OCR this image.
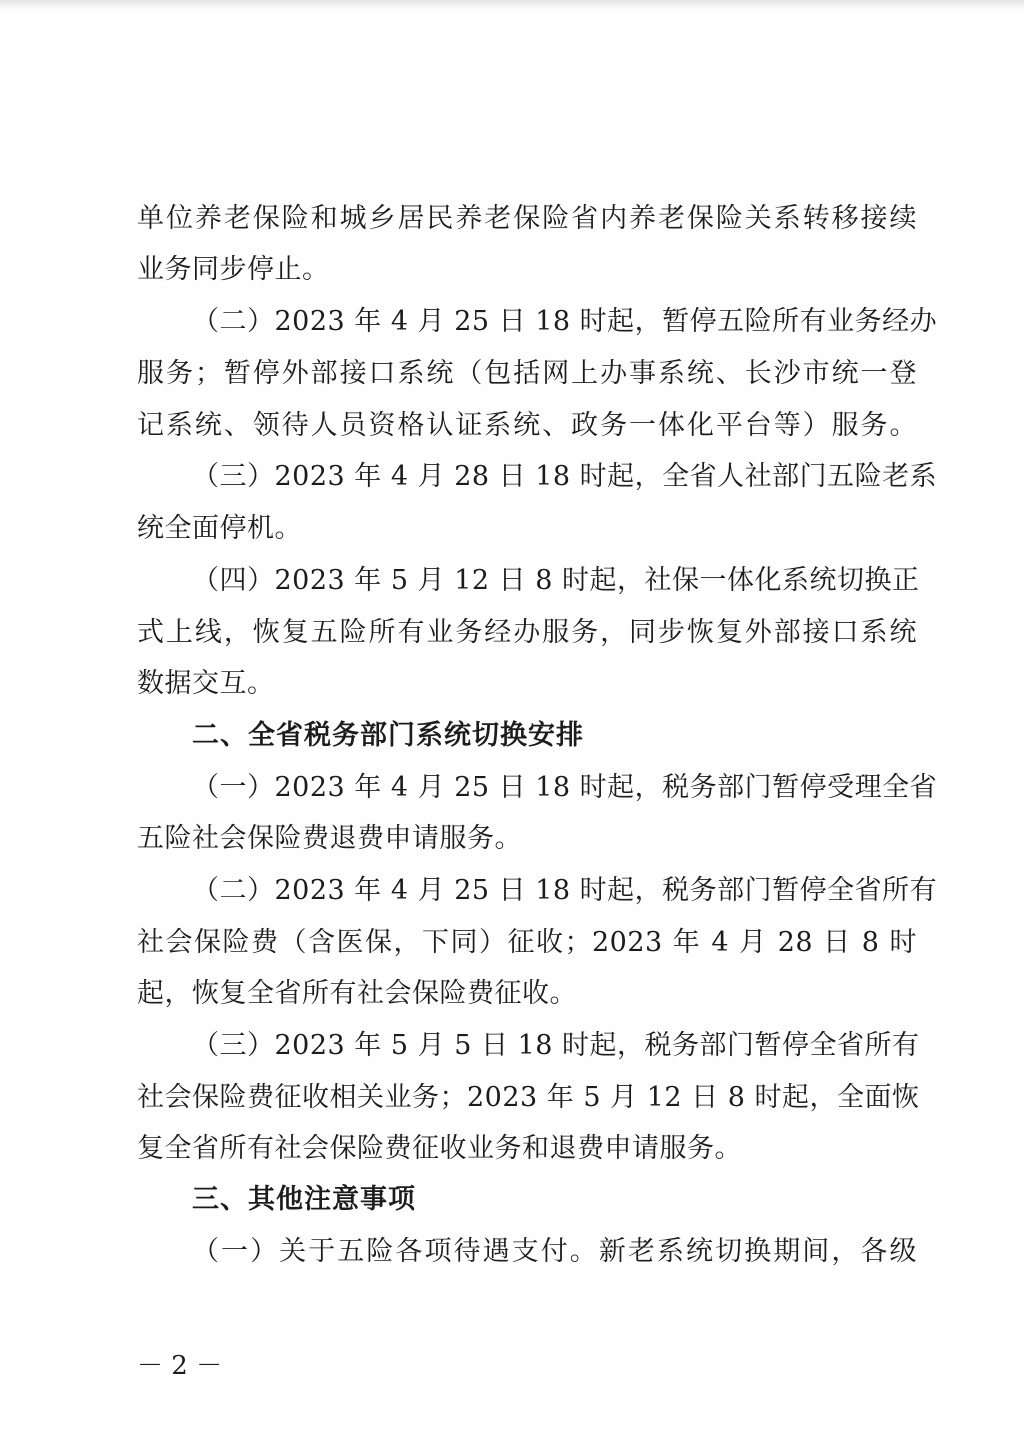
单位养老保险和城乡居民养老保险省内养老保险关系转移接续
业务同步停止。
（二）2023 年 4 月 25 日 18 时起，暂停五险所有业务经办
服务；暂停外部接口系统（包括网上办事系统、长沙市统一登
记系统、领待人员资格认证系统、政务一体化平台等）服务。
（三）2023 年 4 月 28 日 18 时起，全省人社部门五险老系
统全面停机。
（四）2023 年 5 月 12 日 8 时起，社保一体化系统切换正
式上线，恢复五险所有业务经办服务，同步恢复外部接口系统
数据交互。
二、全省税务部门系统切换安排
（一）2023 年 4 月 25 日 18 时起，税务部门暂停受理全省
五险社会保险费退费申请服务。
（二）2023 年 4 月 25 日 18 时起，税务部门暂停全省所有
社会保险费（含医保，下同）征收；2023 年 4 月 28 日 8 时
起，恢复全省所有社会保险费征收。
（三）2023 年 5 月 5 日 18 时起，税务部门暂停全省所有
社会保险费征收相关业务；2023 年 5 月 12 日 8 时起，全面恢
复全省所有社会保险费征收业务和退费申请服务。
三、其他注意事项
（一）关于五险各项待遇支付。新老系统切换期间，各级
－ 2 －
